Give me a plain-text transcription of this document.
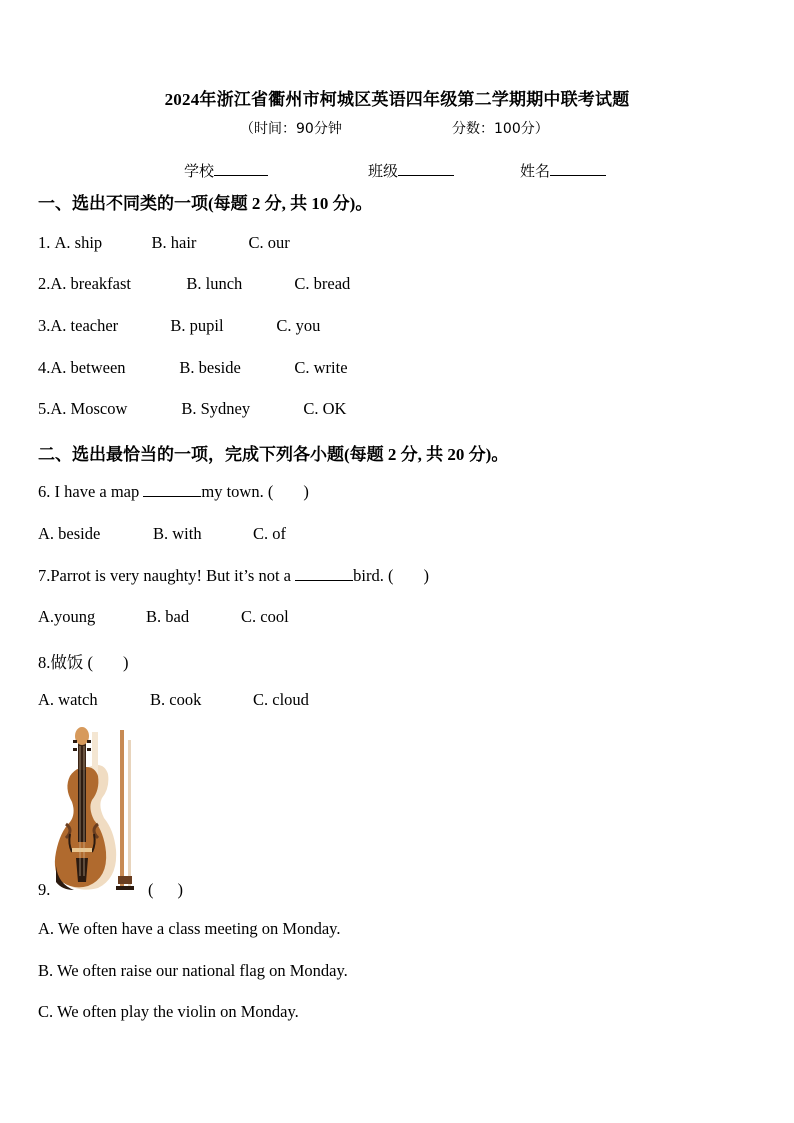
2024年浙江省衢州市柯城区英语四年级第二学期期中联考试题
（时间：90分钟	分数：100分）
学校	班级	姓名
一、选出不同类的一项(每题 2 分, 共 10 分)。
1. A. ship	B. hair	C. our
2.A. breakfast	B. lunch	C. bread
3.A. teacher	B. pupil	C. you
4.A. between	B. beside	C. write
5.A. Moscow	B. Sydney	C. OK
二、选出最恰当的一项，完成下列各小题(每题 2 分, 共 20 分)。
6. I have a map	my town. ( )
A. beside	B. with	C. of
7.Parrot is very naughty! But it’s not a	bird. ( )
A.young	B. bad	C. cool
8.做饭 ( )
A. watch	B. cook	C. cloud
9.	( )
A. We often have a class meeting on Monday.
B. We often raise our national flag on Monday.
C. We often play the violin on Monday.
